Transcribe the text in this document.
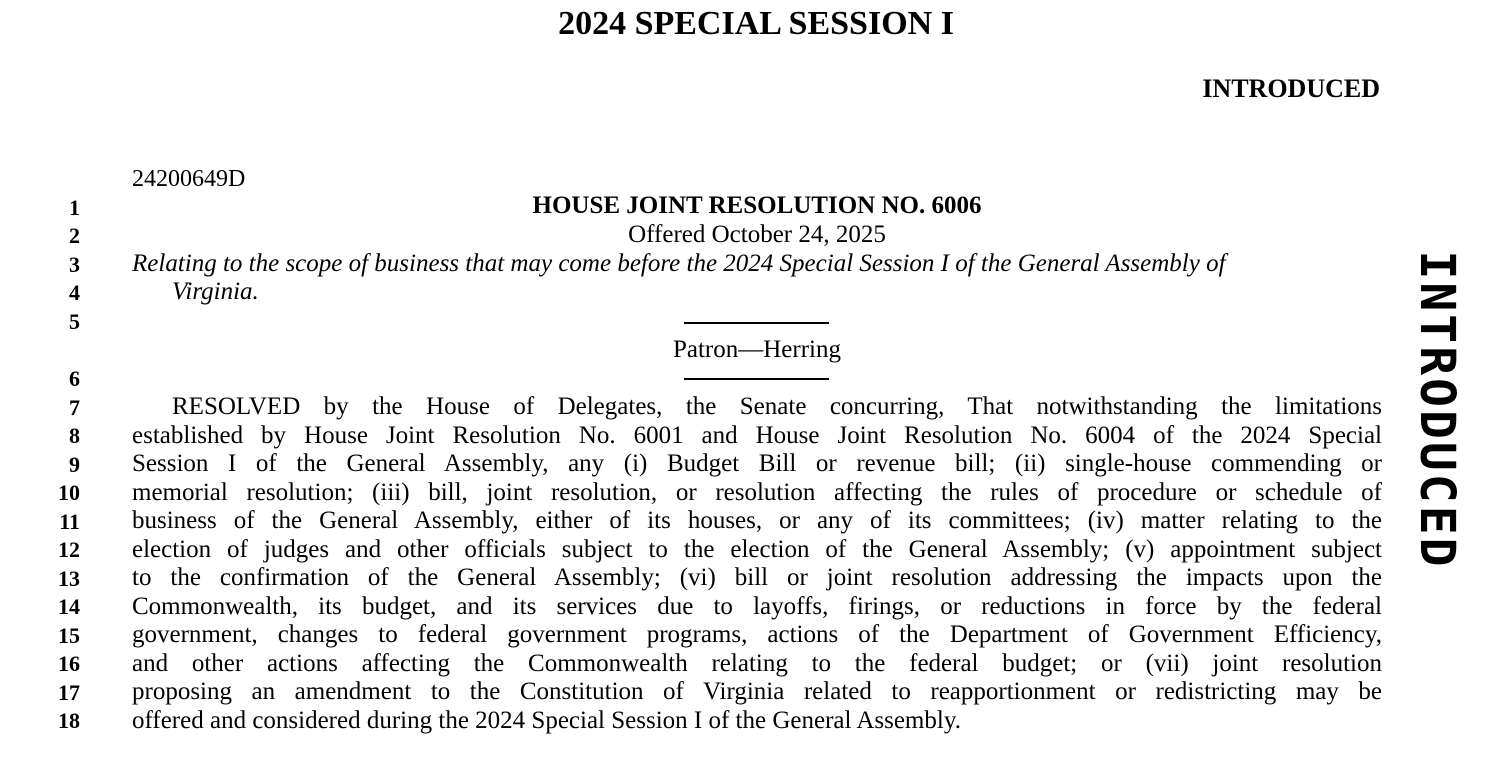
2024 SPECIAL SESSION I
INTRODUCED
24200649D
1
2
3
4
5
6
7
8
9
10
11
12
13
14
15
16
17
18
HOUSE JOINT RESOLUTION NO. 6006
Offered October 24, 2025
Relating to the scope of business that may come before the 2024 Special Session I of the General Assembly of
Virginia.
Patron—Herring
RESOLVED by the House of Delegates, the Senate concurring, That notwithstanding the limitations
established by House Joint Resolution No. 6001 and House Joint Resolution No. 6004 of the 2024 Special
Session I of the General Assembly, any (i) Budget Bill or revenue bill; (ii) single-house commending or
memorial resolution; (iii) bill, joint resolution, or resolution affecting the rules of procedure or schedule of
business of the General Assembly, either of its houses, or any of its committees; (iv) matter relating to the
election of judges and other officials subject to the election of the General Assembly; (v) appointment subject
to the confirmation of the General Assembly; (vi) bill or joint resolution addressing the impacts upon the
Commonwealth, its budget, and its services due to layoffs, firings, or reductions in force by the federal
government, changes to federal government programs, actions of the Department of Government Efficiency,
and other actions affecting the Commonwealth relating to the federal budget; or (vii) joint resolution
proposing an amendment to the Constitution of Virginia related to reapportionment or redistricting may be
offered and considered during the 2024 Special Session I of the General Assembly.
INTRODUCED
